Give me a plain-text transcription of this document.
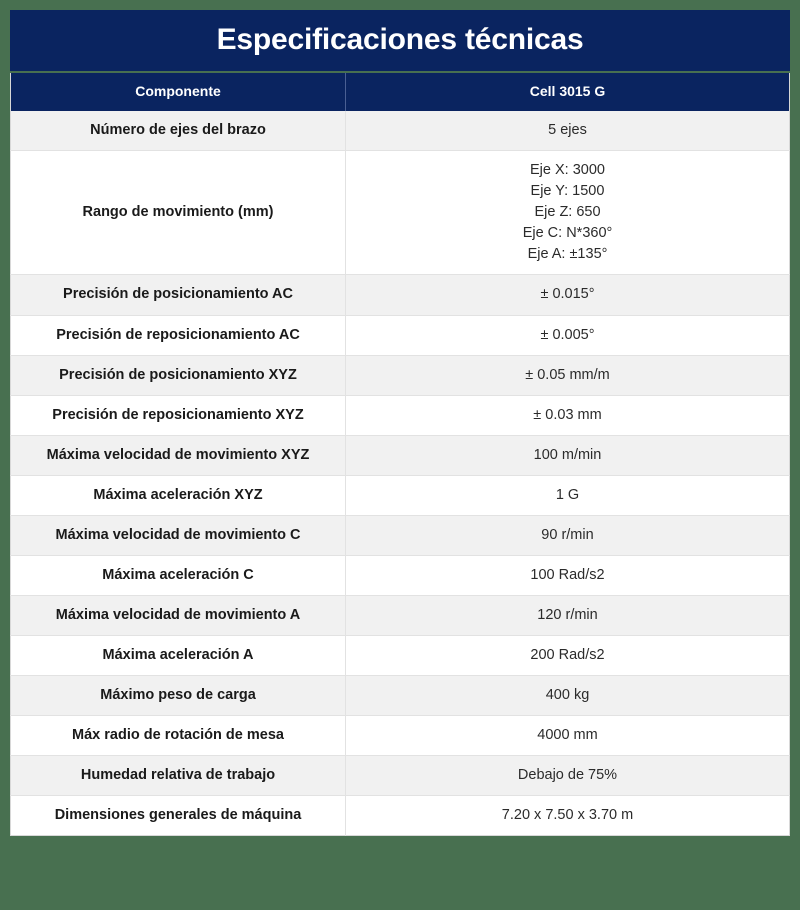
Especificaciones técnicas
Componente	Cell 3015 G
Número de ejes del brazo	5 ejes
Rango de movimiento (mm)	Eje X: 3000
Eje Y: 1500
Eje Z: 650
Eje C: N*360°
Eje A: ±135°

Precisión de posicionamiento AC	± 0.015°
Precisión de reposicionamiento AC	± 0.005°
Precisión de posicionamiento XYZ	± 0.05 mm/m
Precisión de reposicionamiento XYZ	± 0.03 mm
Máxima velocidad de movimiento XYZ	100 m/min
Máxima aceleración XYZ	1 G
Máxima velocidad de movimiento C	90 r/min
Máxima aceleración C	100 Rad/s2
Máxima velocidad de movimiento A	120 r/min
Máxima aceleración A	200 Rad/s2
Máximo peso de carga	400 kg
Máx radio de rotación de mesa	4000 mm
Humedad relativa de trabajo	Debajo de 75%
Dimensiones generales de máquina	7.20 x 7.50 x 3.70 m
